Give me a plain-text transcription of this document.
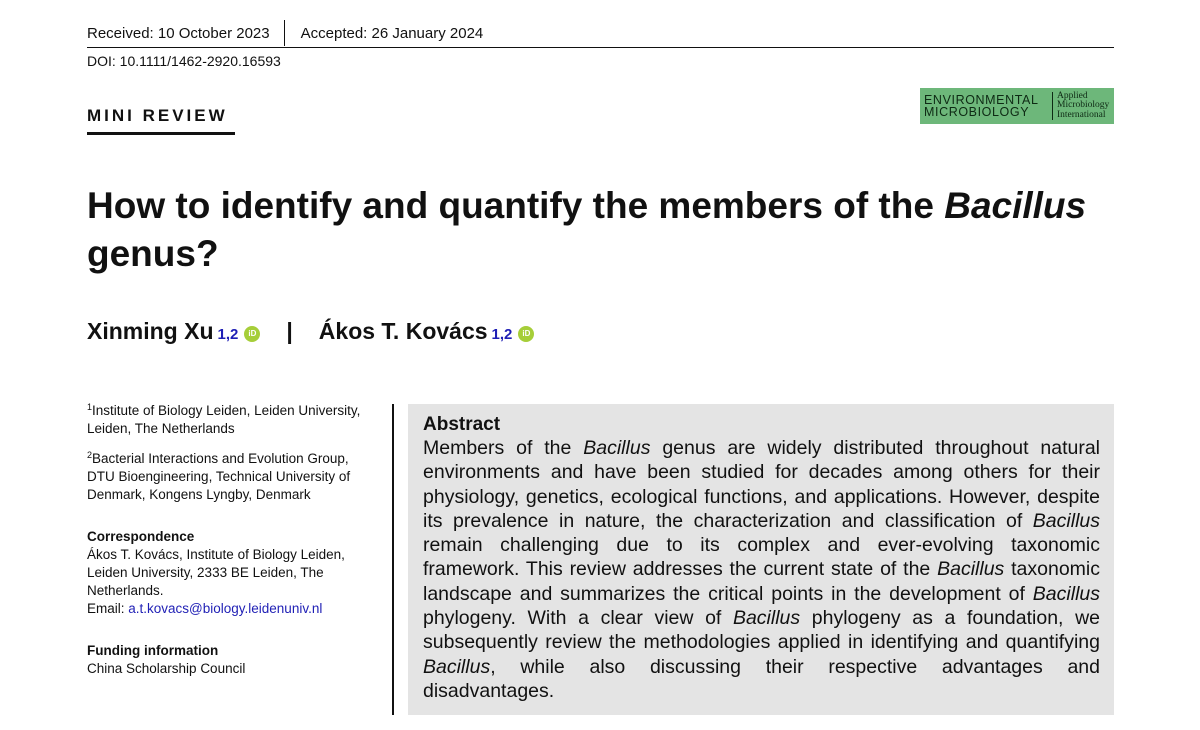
Received: 10 October 2023 Accepted: 26 January 2024
DOI: 10.1111/1462-2920.16593
MINI REVIEW
ENVIRONMENTAL
MICROBIOLOGY
Applied
Microbiology
International
How to identify and quantify the members of the Bacillus
genus?
Xinming Xu 1,2	iD | Ákos T. Kovács 1,2	iD

$^1$Institute of Biology Leiden, Leiden University, Leiden, The Netherlands

$^2$Bacterial Interactions and Evolution Group, DTU Bioengineering, Technical University of Denmark, Kongens Lyngby, Denmark

Correspondence

Ákos T. Kovács, Institute of Biology Leiden, Leiden University, 2333 BE Leiden, The Netherlands.

Email: a.t.kovacs@biology.leidenuniv.nl

Funding information

China Scholarship Council

Abstract

Members of the Bacillus genus are widely distributed throughout natural environments and have been studied for decades among others for their physiology, genetics, ecological functions, and applications. However, despite its prevalence in nature, the characterization and classification of Bacillus remain challenging due to its complex and ever-evolving taxonomic framework. This review addresses the current state of the Bacillus taxonomic landscape and summarizes the critical points in the development of Bacillus phylogeny. With a clear view of Bacillus phylogeny as a foundation, we subsequently review the methodologies applied in identifying and quantifying Bacillus, while also discussing their respective advantages and disadvantages.
